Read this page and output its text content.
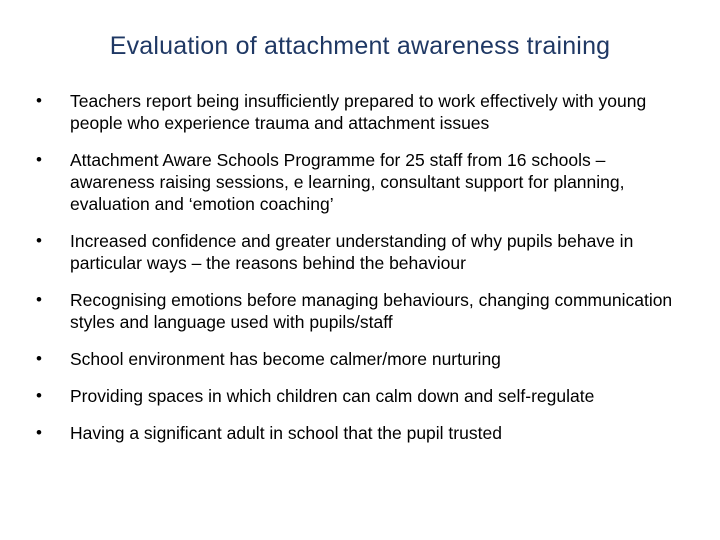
Evaluation of attachment awareness training
• Teachers report being insufficiently prepared to work effectively with young people who experience trauma and attachment issues
• Attachment Aware Schools Programme for 25 staff from 16 schools – awareness raising sessions, e learning, consultant support for planning, evaluation and ‘emotion coaching’
• Increased confidence and greater understanding of why pupils behave in particular ways – the reasons behind the behaviour
• Recognising emotions before managing behaviours, changing communication styles and language used with pupils/staff
• School environment has become calmer/more nurturing
• Providing spaces in which children can calm down and self-regulate
• Having a significant adult in school that the pupil trusted
